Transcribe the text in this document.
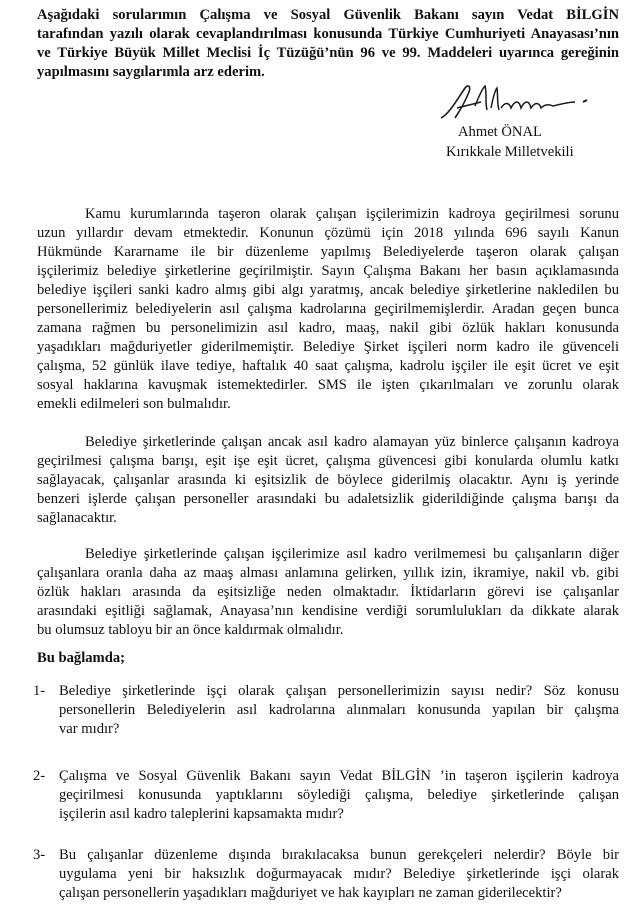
Aşağıdaki sorularımın Çalışma ve Sosyal Güvenlik Bakanı sayın Vedat BİLGİN
tarafından yazılı olarak cevaplandırılması konusunda Türkiye Cumhuriyeti Anayasası’nın
ve Türkiye Büyük Millet Meclisi İç Tüzüğü’nün 96 ve 99. Maddeleri uyarınca gereğinin
yapılmasını saygılarımla arz ederim.
Ahmet ÖNAL
Kırıkkale Milletvekili
Kamu kurumlarında taşeron olarak çalışan işçilerimizin kadroya geçirilmesi sorunu
uzun yıllardır devam etmektedir. Konunun çözümü için 2018 yılında 696 sayılı Kanun
Hükmünde Kararname ile bir düzenleme yapılmış Belediyelerde taşeron olarak çalışan
işçilerimiz belediye şirketlerine geçirilmiştir. Sayın Çalışma Bakanı her basın açıklamasında
belediye işçileri sanki kadro almış gibi algı yaratmış, ancak belediye şirketlerine nakledilen bu
personellerimiz belediyelerin asıl çalışma kadrolarına geçirilmemişlerdir. Aradan geçen bunca
zamana rağmen bu personelimizin asıl kadro, maaş, nakil gibi özlük hakları konusunda
yaşadıkları mağduriyetler giderilmemiştir. Belediye Şirket işçileri norm kadro ile güvenceli
çalışma, 52 günlük ilave tediye, haftalık 40 saat çalışma, kadrolu işçiler ile eşit ücret ve eşit
sosyal haklarına kavuşmak istemektedirler. SMS ile işten çıkarılmaları ve zorunlu olarak
emekli edilmeleri son bulmalıdır.
Belediye şirketlerinde çalışan ancak asıl kadro alamayan yüz binlerce çalışanın kadroya
geçirilmesi çalışma barışı, eşit işe eşit ücret, çalışma güvencesi gibi konularda olumlu katkı
sağlayacak, çalışanlar arasında ki eşitsizlik de böylece giderilmiş olacaktır. Aynı iş yerinde
benzeri işlerde çalışan personeller arasındaki bu adaletsizlik giderildiğinde çalışma barışı da
sağlanacaktır.
Belediye şirketlerinde çalışan işçilerimize asıl kadro verilmemesi bu çalışanların diğer
çalışanlara oranla daha az maaş alması anlamına gelirken, yıllık izin, ikramiye, nakil vb. gibi
özlük hakları arasında da eşitsizliğe neden olmaktadır. İktidarların görevi ise çalışanlar
arasındaki eşitliği sağlamak, Anayasa’nın kendisine verdiği sorumlulukları da dikkate alarak
bu olumsuz tabloyu bir an önce kaldırmak olmalıdır.
Bu bağlamda;
1- Belediye şirketlerinde işçi olarak çalışan personellerimizin sayısı nedir? Söz konusu
personellerin Belediyelerin asıl kadrolarına alınmaları konusunda yapılan bir çalışma
var mıdır?
2- Çalışma ve Sosyal Güvenlik Bakanı sayın Vedat BİLGİN ’in taşeron işçilerin kadroya
geçirilmesi konusunda yaptıklarını söylediği çalışma, belediye şirketlerinde çalışan
işçilerin asıl kadro taleplerini kapsamakta mıdır?
3- Bu çalışanlar düzenleme dışında bırakılacaksa bunun gerekçeleri nelerdir? Böyle bir
uygulama yeni bir haksızlık doğurmayacak mıdır? Belediye şirketlerinde işçi olarak
çalışan personellerin yaşadıkları mağduriyet ve hak kayıpları ne zaman giderilecektir?
